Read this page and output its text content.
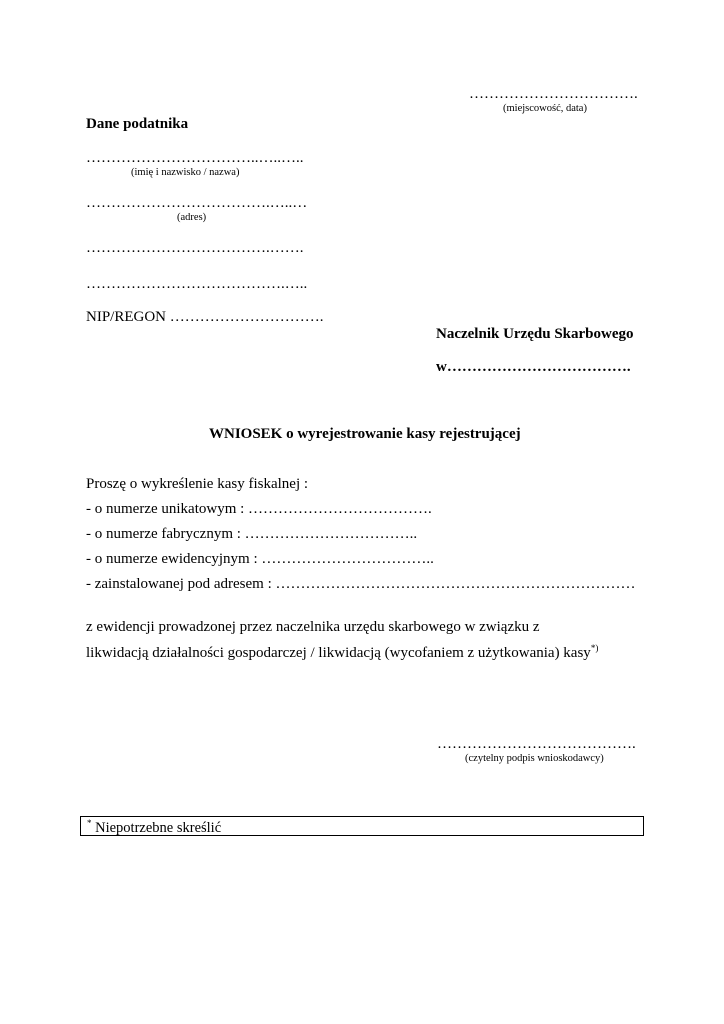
…………………………….
(miejscowość, data)
Dane podatnika
……………………………..…..…..
(imię i nazwisko / nazwa)
……………………………….…..…
(adres)
……………………………….…….
………………………………….…..
NIP/REGON ………………………….
Naczelnik Urzędu Skarbowego
w……………………………….
WNIOSEK o wyrejestrowanie kasy rejestrującej
Proszę o wykreślenie kasy fiskalnej :
- o numerze unikatowym : ……………………………….
- o numerze fabrycznym : ……………………………..
- o numerze ewidencyjnym : ……………………………..
- zainstalowanej pod adresem : ………………………………………………………………
z ewidencji prowadzonej przez naczelnika urzędu skarbowego w związku z
likwidacją działalności gospodarczej / likwidacją (wycofaniem z użytkowania) kasy*)
………………………………….
(czytelny podpis wnioskodawcy)
* Niepotrzebne skreślić
